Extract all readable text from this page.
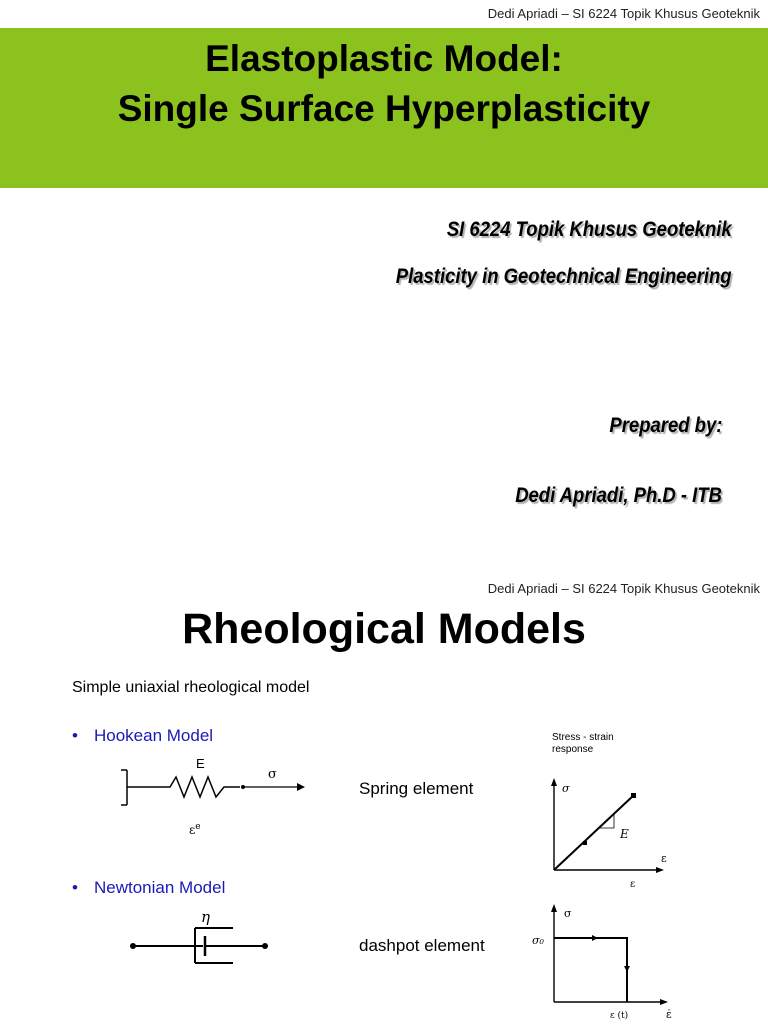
Dedi Apriadi – SI 6224 Topik Khusus Geoteknik
Elastoplastic Model:
Single Surface Hyperplasticity
SI 6224 Topik Khusus Geoteknik
Plasticity in Geotechnical Engineering
Prepared by:
Dedi Apriadi, Ph.D - ITB
Dedi Apriadi – SI 6224 Topik Khusus Geoteknik
Rheological Models
Simple uniaxial rheological model
• Hookean Model
E
σ
$\varepsilon^e$
Spring element
• Newtonian Model
η
dashpot element
Stress - strain
response
σ
ε
E
ε
σ
σ₀
ε (t)	ε̇
